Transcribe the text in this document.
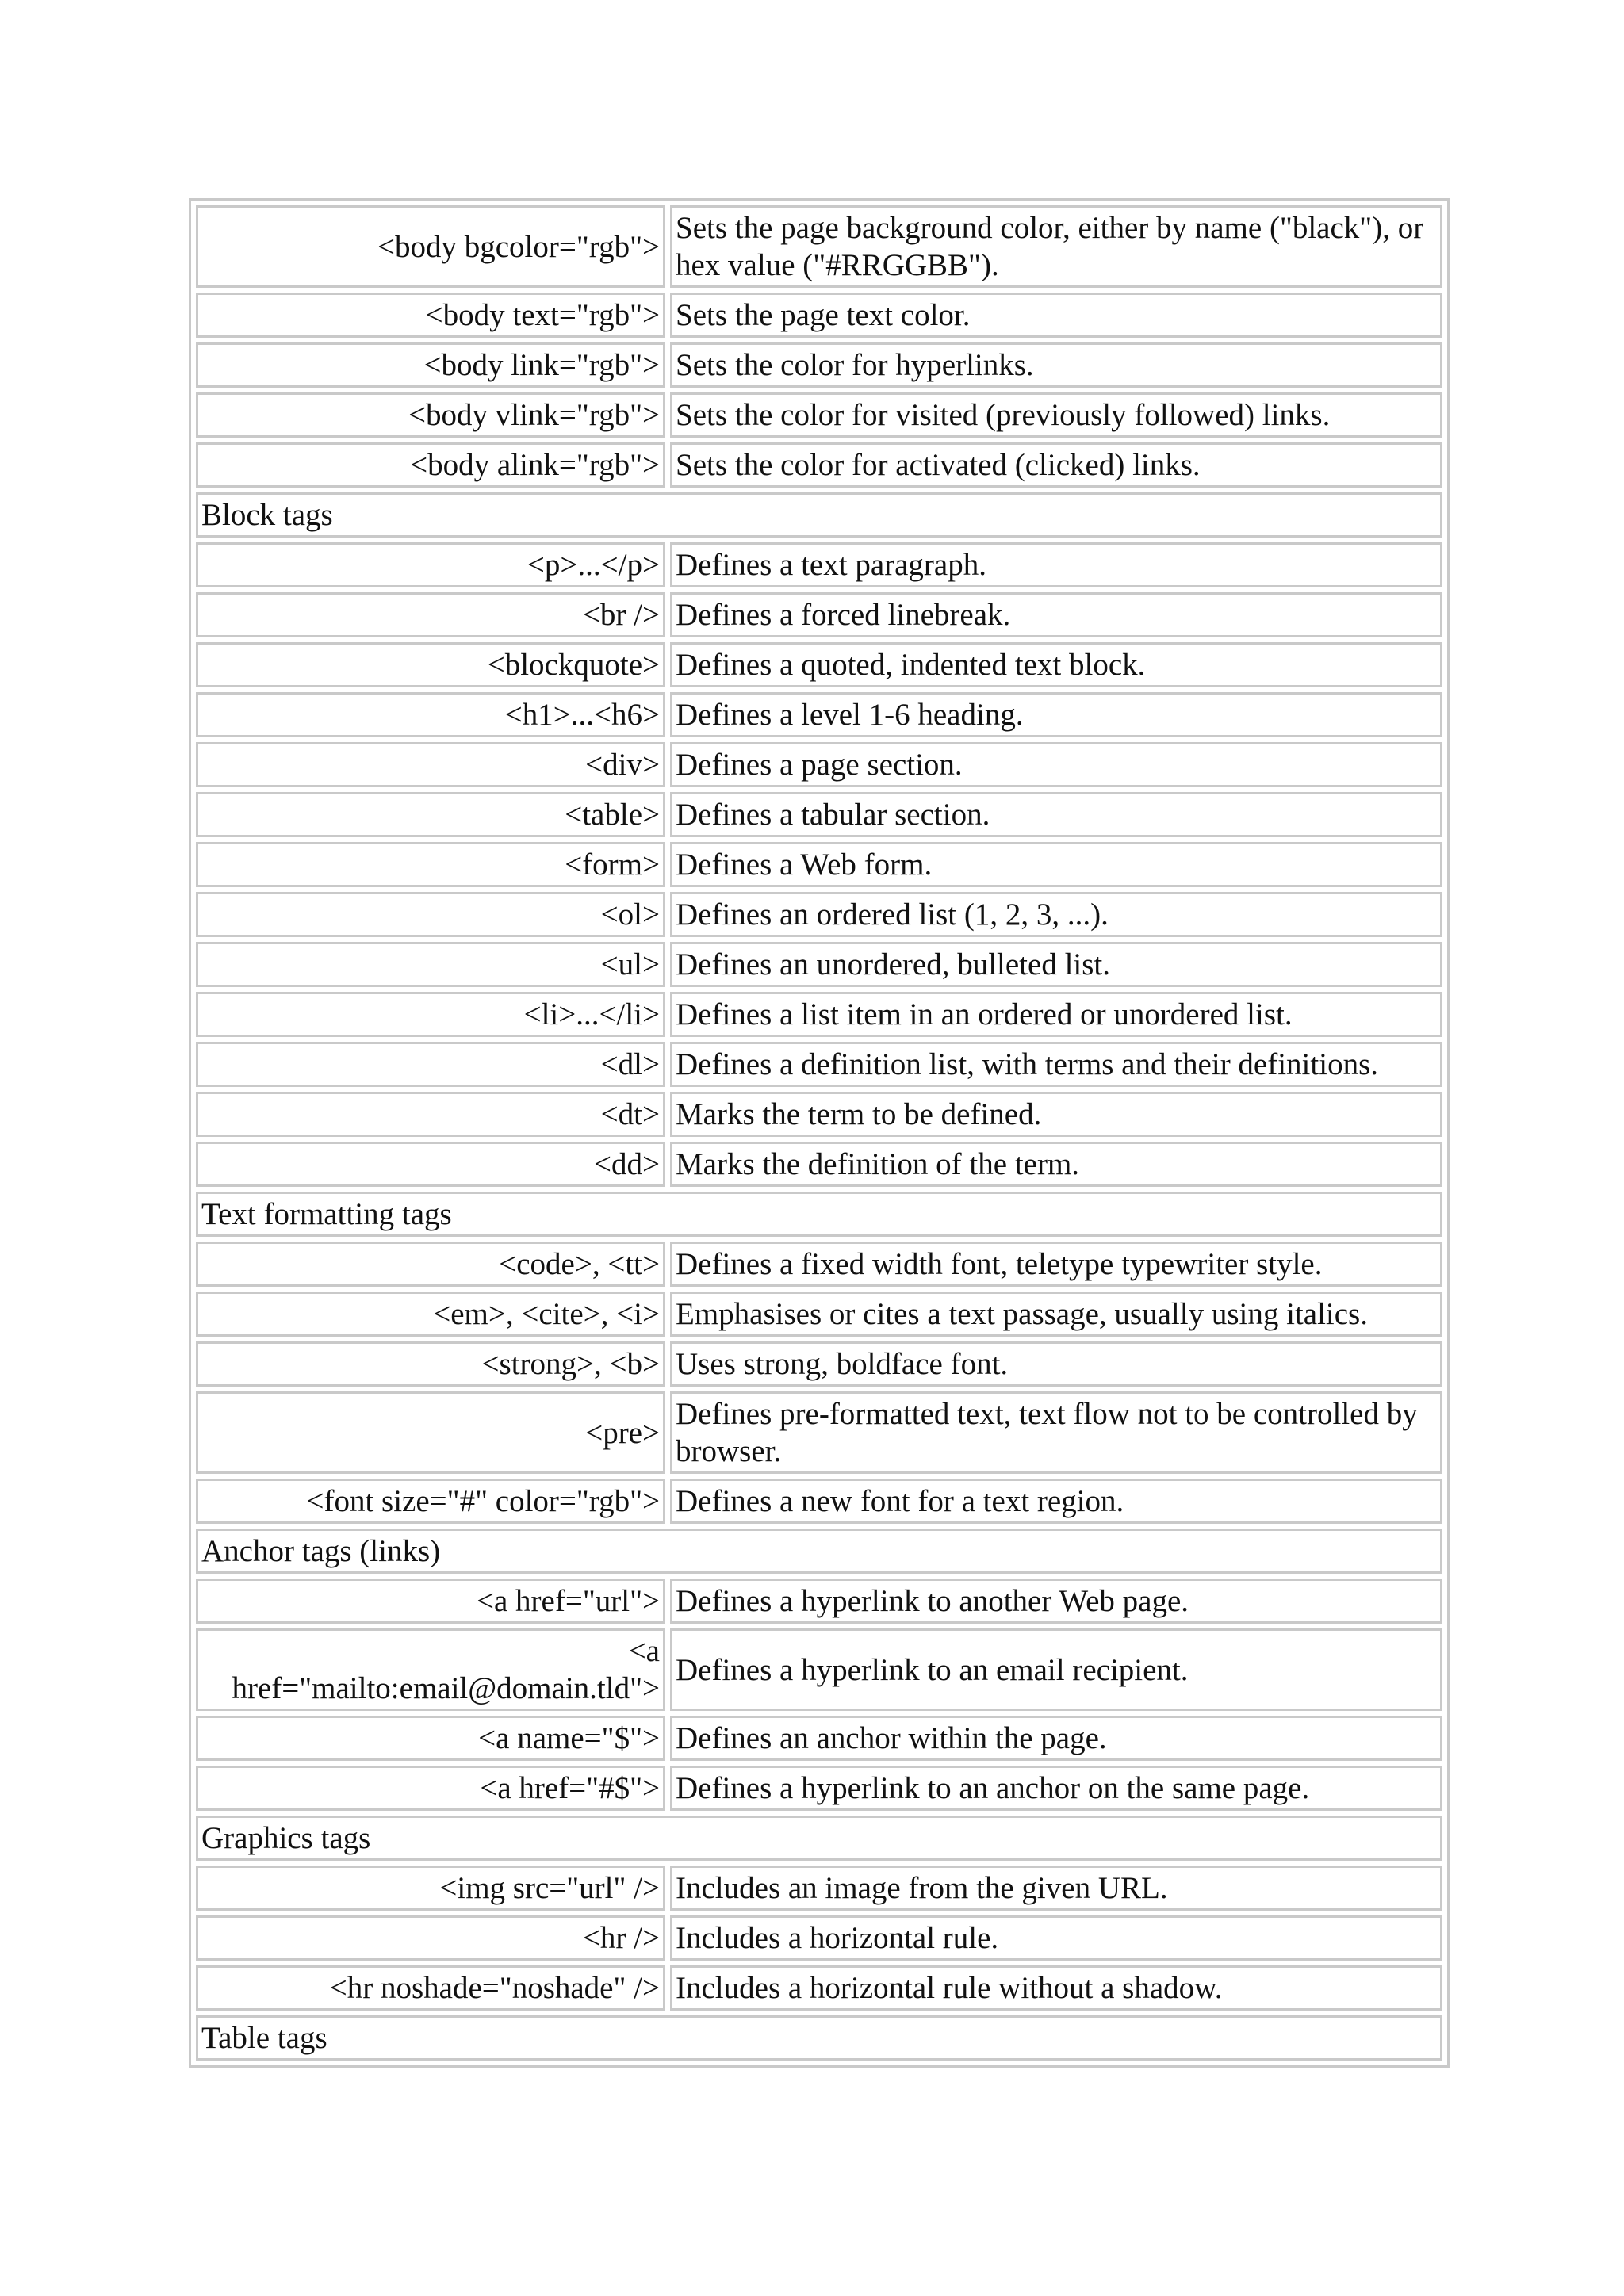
<body bgcolor="rgb">	Sets the page background color, either by name ("black"), or hex value ("#RRGGBB").
<body text="rgb">	Sets the page text color.
<body link="rgb">	Sets the color for hyperlinks.
<body vlink="rgb">	Sets the color for visited (previously followed) links.
<body alink="rgb">	Sets the color for activated (clicked) links.
Block tags	
<p>...</p>	Defines a text paragraph.
<br />	Defines a forced linebreak.
<blockquote>	Defines a quoted, indented text block.
<h1>...<h6>	Defines a level 1-6 heading.
<div>	Defines a page section.
<table>	Defines a tabular section.
<form>	Defines a Web form.
<ol>	Defines an ordered list (1, 2, 3, ...).
<ul>	Defines an unordered, bulleted list.
<li>...</li>	Defines a list item in an ordered or unordered list.
<dl>	Defines a definition list, with terms and their definitions.
<dt>	Marks the term to be defined.
<dd>	Marks the definition of the term.
Text formatting tags	
<code>, <tt>	Defines a fixed width font, teletype typewriter style.
<em>, <cite>, <i>	Emphasises or cites a text passage, usually using italics.
<strong>, <b>	Uses strong, boldface font.
<pre>	Defines pre-formatted text, text flow not to be controlled by browser.
<font size="#" color="rgb">	Defines a new font for a text region.
Anchor tags (links)	
<a href="url">	Defines a hyperlink to another Web page.
<a href="mailto:email@domain.tld">	Defines a hyperlink to an email recipient.
<a name="$">	Defines an anchor within the page.
<a href="#$">	Defines a hyperlink to an anchor on the same page.
Graphics tags	
<img src="url" />	Includes an image from the given URL.
<hr />	Includes a horizontal rule.
<hr noshade="noshade" />	Includes a horizontal rule without a shadow.
Table tags	
